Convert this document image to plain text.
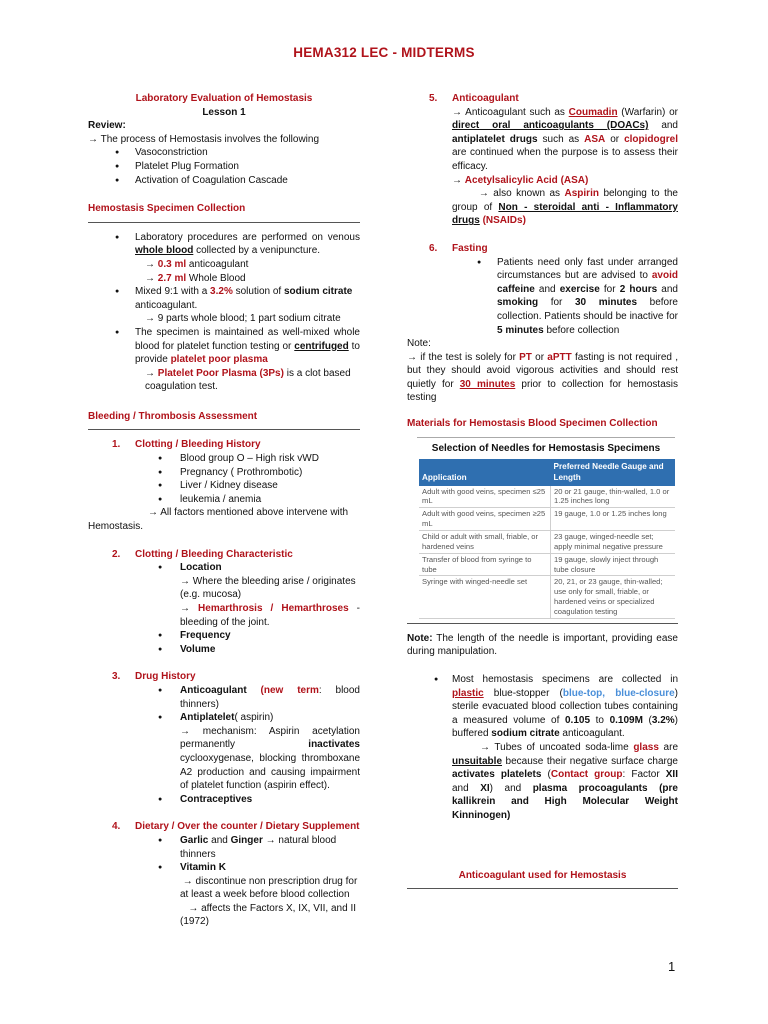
HEMA312 LEC - MIDTERMS
Laboratory Evaluation of Hemostasis
Lesson 1
Review:
→ The process of Hemostasis involves the following
● Vasoconstriction
● Platelet Plug Formation
● Activation of Coagulation Cascade
Hemostasis Specimen Collection
● Laboratory procedures are performed on venous whole blood collected by a venipuncture.
→ 0.3 ml anticoagulant
→ 2.7 ml Whole Blood
● Mixed 9:1 with a 3.2% solution of sodium citrate anticoagulant.
→ 9 parts whole blood; 1 part sodium citrate
● The specimen is maintained as well-mixed whole blood for platelet function testing or centrifuged to provide platelet poor plasma
→ Platelet Poor Plasma (3Ps) is a clot based coagulation test.
Bleeding / Thrombosis Assessment
1. Clotting / Bleeding History
● Blood group O – High risk vWD
● Pregnancy ( Prothrombotic)
● Liver / Kidney disease
● leukemia / anemia
→ All factors mentioned above intervene with Hemostasis.
2. Clotting / Bleeding Characteristic
● Location
→ Where the bleeding arise / originates (e.g. mucosa)
→ Hemarthrosis / Hemarthroses - bleeding of the joint.
● Frequency
● Volume
3. Drug History
● Anticoagulant (new term: blood thinners)
● Antiplatelet( aspirin)
→ mechanism: Aspirin acetylation permanently inactivates cyclooxygenase, blocking thromboxane A2 production and causing impairment of platelet function (aspirin effect).
● Contraceptives
4. Dietary / Over the counter / Dietary Supplement
● Garlic and Ginger → natural blood thinners
● Vitamin K
→ discontinue non prescription drug for at least a week before blood collection
→ affects the Factors X, IX, VII, and II (1972)
5. Anticoagulant
→ Anticoagulant such as Coumadin (Warfarin) or direct oral anticoagulants (DOACs) and antiplatelet drugs such as ASA or clopidogrel are continued when the purpose is to assess their efficacy.
→ Acetylsalicylic Acid (ASA)
→ also known as Aspirin belonging to the group of Non - steroidal anti - Inflammatory drugs (NSAIDs)
6. Fasting
● Patients need only fast under arranged circumstances but are advised to avoid caffeine and exercise for 2 hours and smoking for 30 minutes before collection. Patients should be inactive for 5 minutes before collection
Note:
→ if the test is solely for PT or aPTT fasting is not required , but they should avoid vigorous activities and should rest quietly for 30 minutes prior to collection for hemostasis testing
Materials for Hemostasis Blood Specimen Collection
Selection of Needles for Hemostasis Specimens
Application	Preferred Needle Gauge and Length
Adult with good veins, specimen ≤25 mL	20 or 21 gauge, thin-walled, 1.0 or 1.25 inches long
Adult with good veins, specimen ≥25 mL	19 gauge, 1.0 or 1.25 inches long
Child or adult with small, friable, or hardened veins	23 gauge, winged-needle set; apply minimal negative pressure
Transfer of blood from syringe to tube	19 gauge, slowly inject through tube closure
Syringe with winged-needle set	20, 21, or 23 gauge, thin-walled; use only for small, friable, or hardened veins or specialized coagulation testing
Note: The length of the needle is important, providing ease during manipulation.
● Most hemostasis specimens are collected in plastic blue-stopper (blue-top, blue-closure) sterile evacuated blood collection tubes containing a measured volume of 0.105 to 0.109M (3.2%) buffered sodium citrate anticoagulant.
→ Tubes of uncoated soda-lime glass are unsuitable because their negative surface charge activates platelets (Contact group: Factor XII and XI) and plasma procoagulants (pre kallikrein and High Molecular Weight Kinninogen)
Anticoagulant used for Hemostasis
1
